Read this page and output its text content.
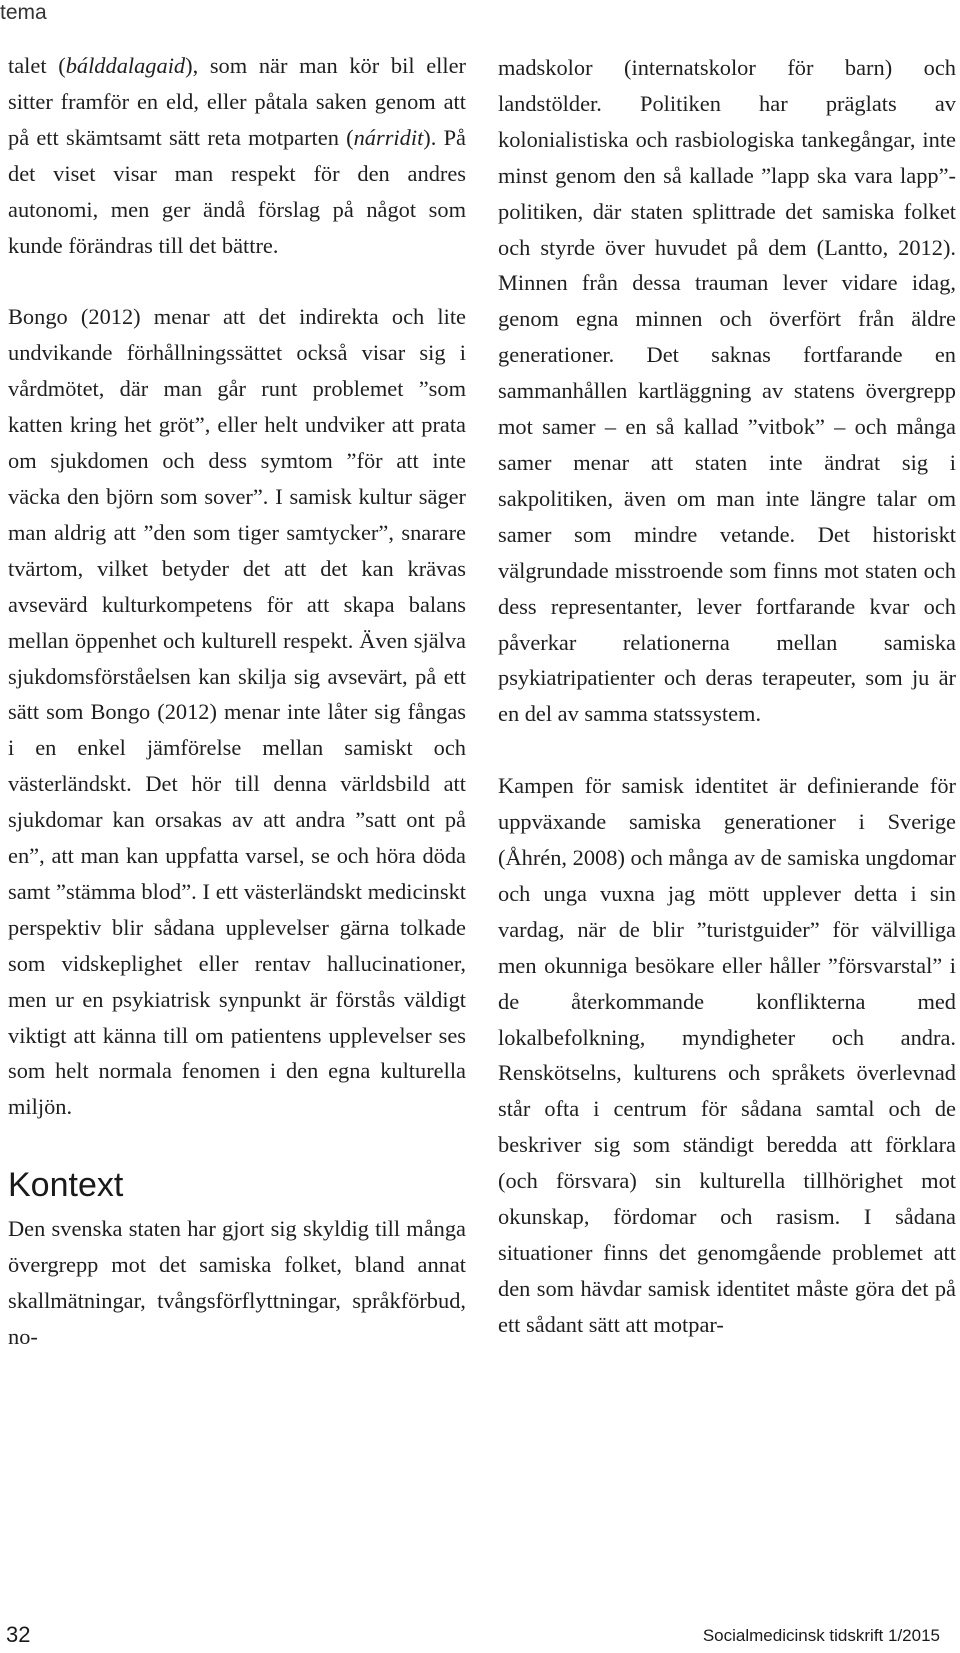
tema

talet (bálddalagaid), som när man kör bil eller sitter framför en eld, eller påtala saken genom att på ett skämtsamt sätt reta motparten (nárridit). På det viset visar man respekt för den andres autonomi, men ger ändå förslag på något som kunde förändras till det bättre.

Bongo (2012) menar att det indirekta och lite undvikande förhållningssättet också visar sig i vårdmötet, där man går runt problemet ”som katten kring het gröt”, eller helt undviker att prata om sjukdomen och dess symtom ”för att inte väcka den björn som sover”. I samisk kultur säger man aldrig att ”den som tiger samtycker”, snarare tvärtom, vilket betyder det att det kan krävas avsevärd kulturkompetens för att skapa balans mellan öppenhet och kulturell respekt. Även själva sjukdomsförståelsen kan skilja sig avsevärt, på ett sätt som Bongo (2012) menar inte låter sig fångas i en enkel jämförelse mellan samiskt och västerländskt. Det hör till denna världsbild att sjukdomar kan orsakas av att andra ”satt ont på en”, att man kan uppfatta varsel, se och höra döda samt ”stämma blod”. I ett västerländskt medicinskt perspektiv blir sådana upplevelser gärna tolkade som vidskeplighet eller rentav hallucinationer, men ur en psykiatrisk synpunkt är förstås väldigt viktigt att känna till om patientens upplevelser ses som helt normala fenomen i den egna kulturella miljön.

Kontext

Den svenska staten har gjort sig skyldig till många övergrepp mot det samiska folket, bland annat skallmätningar, tvångsförflyttningar, språkförbud, no-

madskolor (internatskolor för barn) och landstölder. Politiken har präglats av kolonialistiska och rasbiologiska tankegångar, inte minst genom den så kallade ”lapp ska vara lapp”-politiken, där staten splittrade det samiska folket och styrde över huvudet på dem (Lantto, 2012). Minnen från dessa trauman lever vidare idag, genom egna minnen och överfört från äldre generationer. Det saknas fortfarande en sammanhållen kartläggning av statens övergrepp mot samer – en så kallad ”vitbok” – och många samer menar att staten inte ändrat sig i sakpolitiken, även om man inte längre talar om samer som mindre vetande. Det historiskt välgrundade misstroende som finns mot staten och dess representanter, lever fortfarande kvar och påverkar relationerna mellan samiska psykiatripatienter och deras terapeuter, som ju är en del av samma statssystem.

Kampen för samisk identitet är definierande för uppväxande samiska generationer i Sverige (Åhrén, 2008) och många av de samiska ungdomar och unga vuxna jag mött upplever detta i sin vardag, när de blir ”turistguider” för välvilliga men okunniga besökare eller håller ”försvarstal” i de återkommande konflikterna med lokalbefolkning, myndigheter och andra. Renskötselns, kulturens och språkets överlevnad står ofta i centrum för sådana samtal och de beskriver sig som ständigt beredda att förklara (och försvara) sin kulturella tillhörighet mot okunskap, fördomar och rasism. I sådana situationer finns det genomgående problemet att den som hävdar samisk identitet måste göra det på ett sådant sätt att motpar-

32	Socialmedicinsk tidskrift 1/2015
